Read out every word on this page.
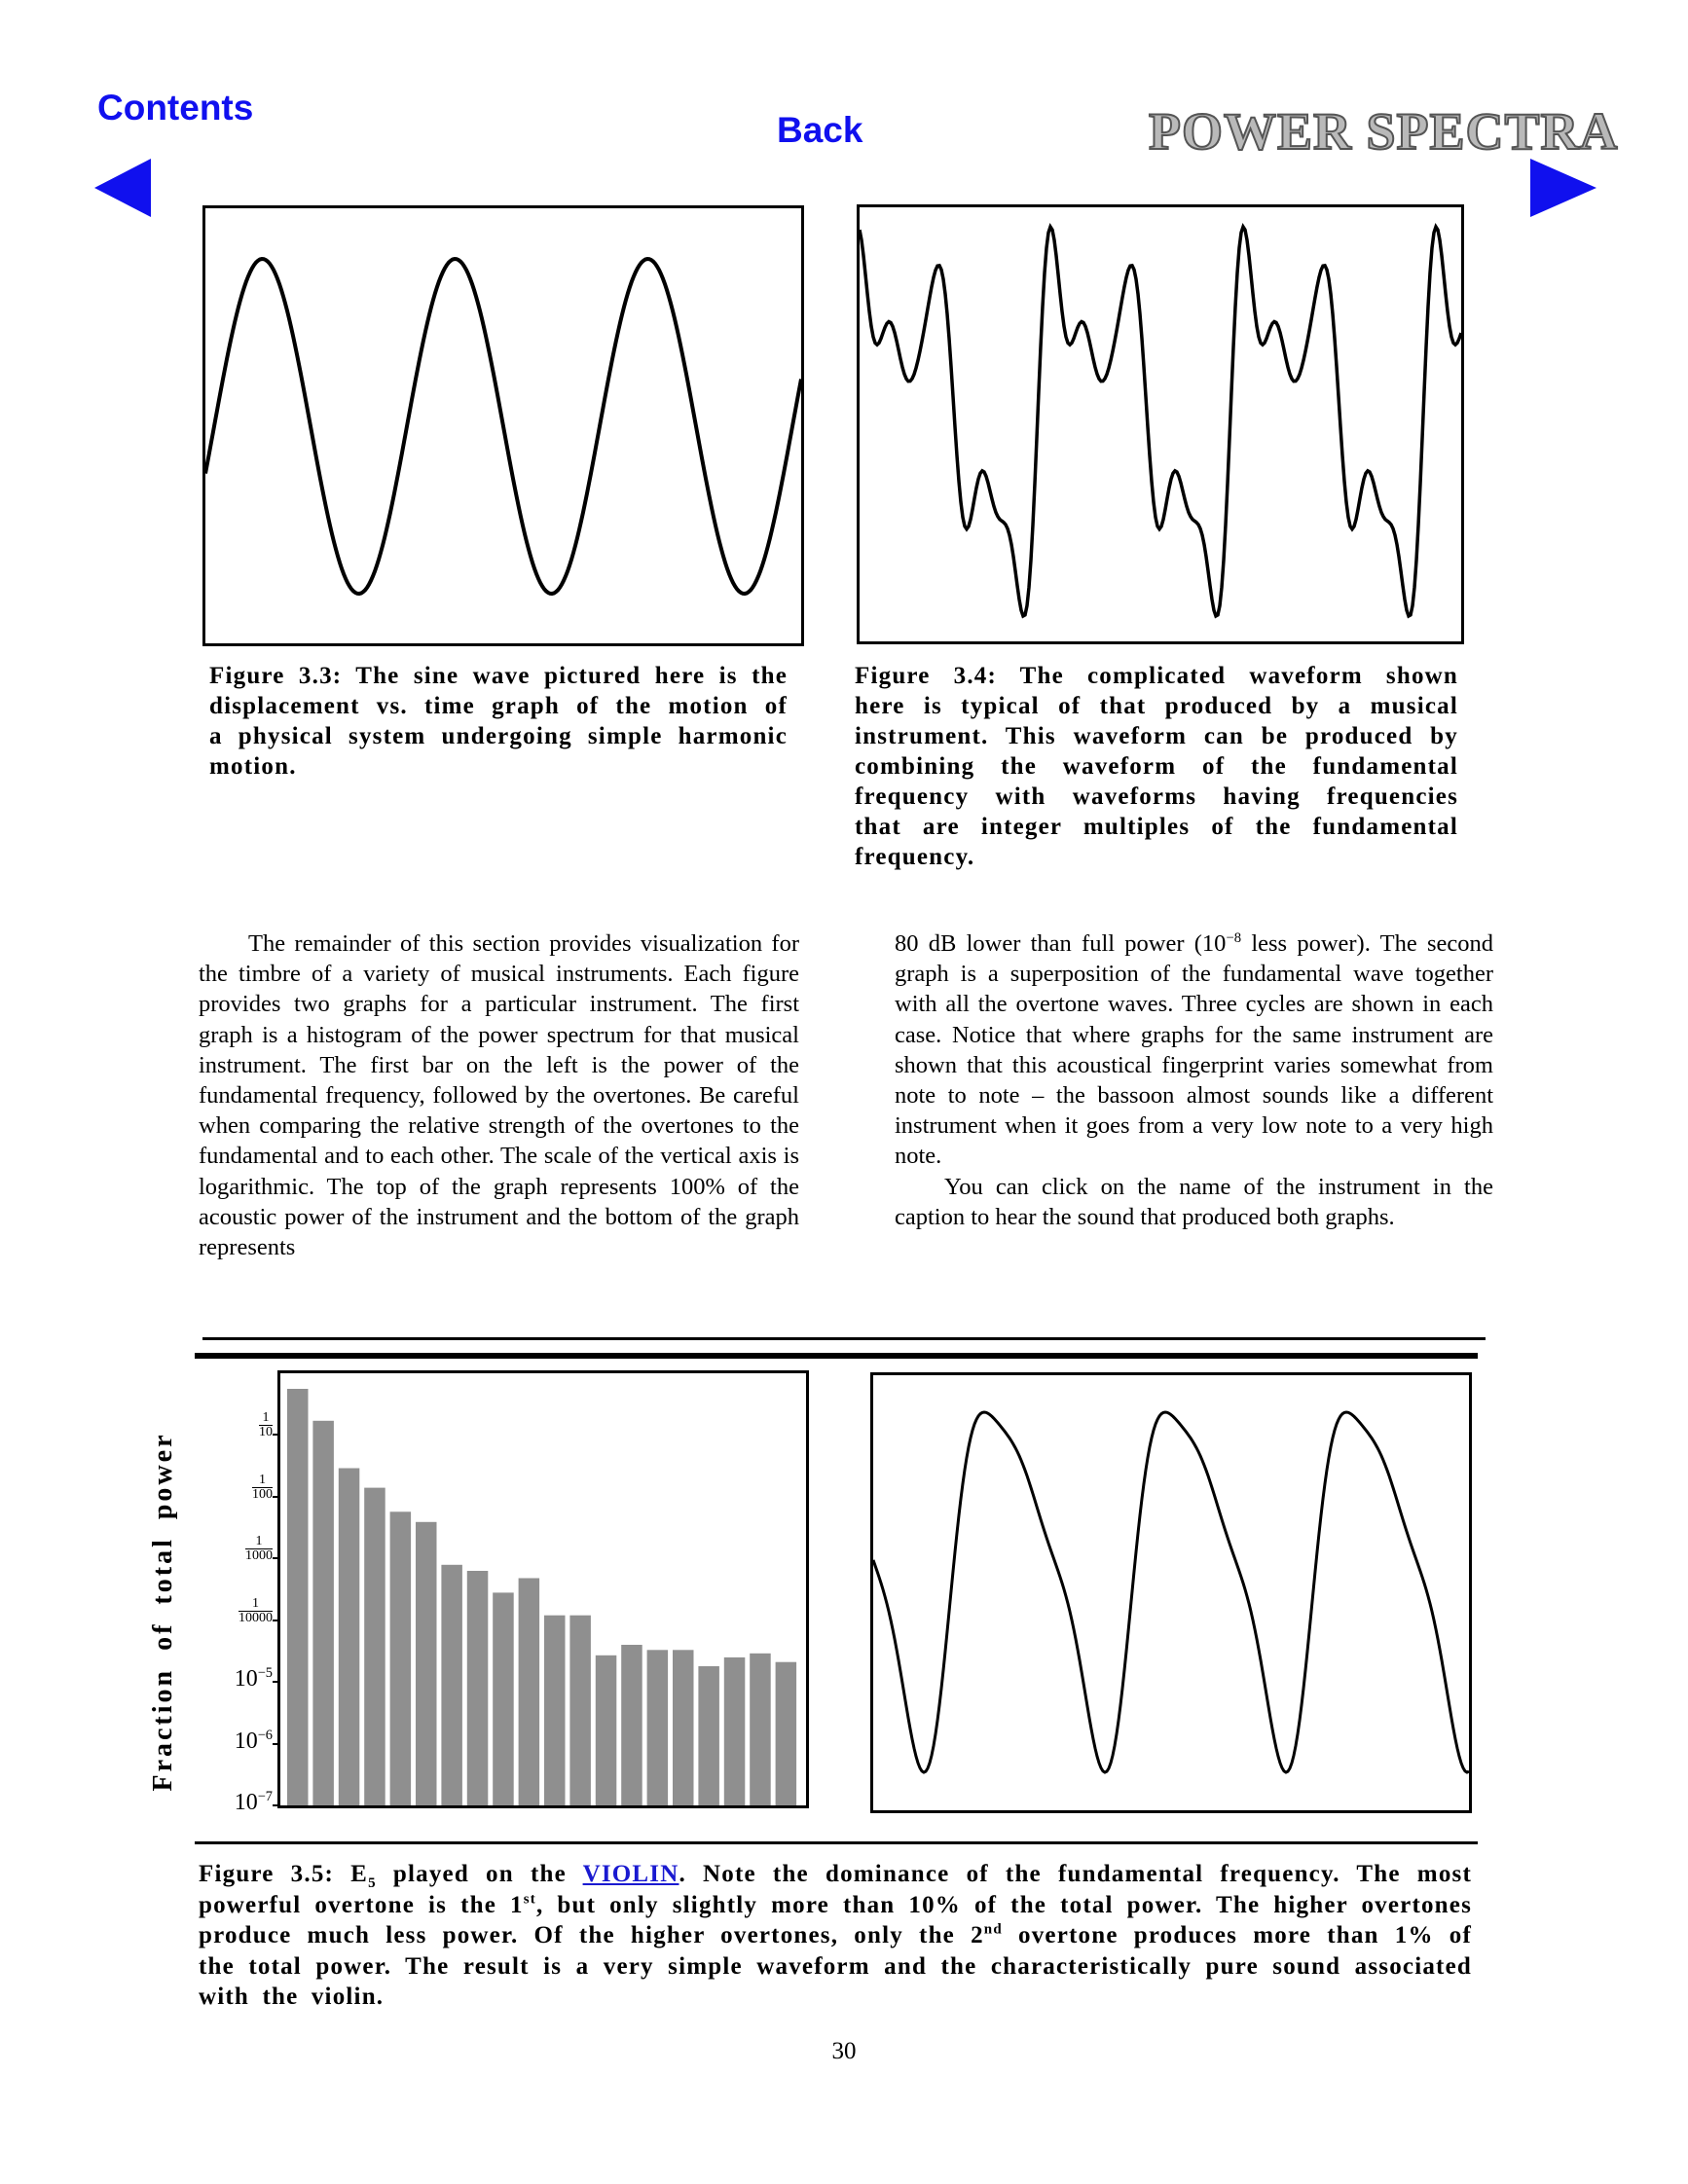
Contents
Back	POWER SPECTRA
Figure 3.3: The sine wave pictured here is the displacement vs. time graph of the motion of a physical system undergoing simple harmonic motion.
Figure 3.4: The complicated waveform shown here is typical of that produced by a musical instrument. This waveform can be produced by combining the waveform of the fundamental frequency with waveforms having frequencies that are integer multiples of the fundamental frequency.

The remainder of this section provides visualization for the timbre of a variety of musical instruments. Each figure provides two graphs for a particular instrument. The first graph is a histogram of the power spectrum for that musical instrument. The first bar on the left is the power of the fundamental frequency, followed by the overtones. Be careful when comparing the relative strength of the overtones to the fundamental and to each other. The scale of the vertical axis is logarithmic. The top of the graph represents 100% of the acoustic power of the instrument and the bottom of the graph represents

80 dB lower than full power ($10^{-8}$ less power). The second graph is a superposition of the fundamental wave together with all the overtone waves. Three cycles are shown in each case. Notice that where graphs for the same instrument are shown that this acoustical fingerprint varies somewhat from note to note – the bassoon almost sounds like a different instrument when it goes from a very low note to a very high note.

You can click on the name of the instrument in the caption to hear the sound that produced both graphs.

Fraction of total power
$\frac{1}{10}$
$\frac{1}{100}$
$\frac{1}{1000}$
$\frac{1}{10000}$
$10^{-5}$
$10^{-6}$
$10^{-7}$
Figure 3.5: $E_5$ played on the VIOLIN. Note the dominance of the fundamental frequency. The most powerful overtone is the 1st, but only slightly more than 10% of the total power. The higher overtones produce much less power. Of the higher overtones, only the 2nd overtone produces more than 1% of the total power. The result is a very simple waveform and the characteristically pure sound associated with the violin.
30
